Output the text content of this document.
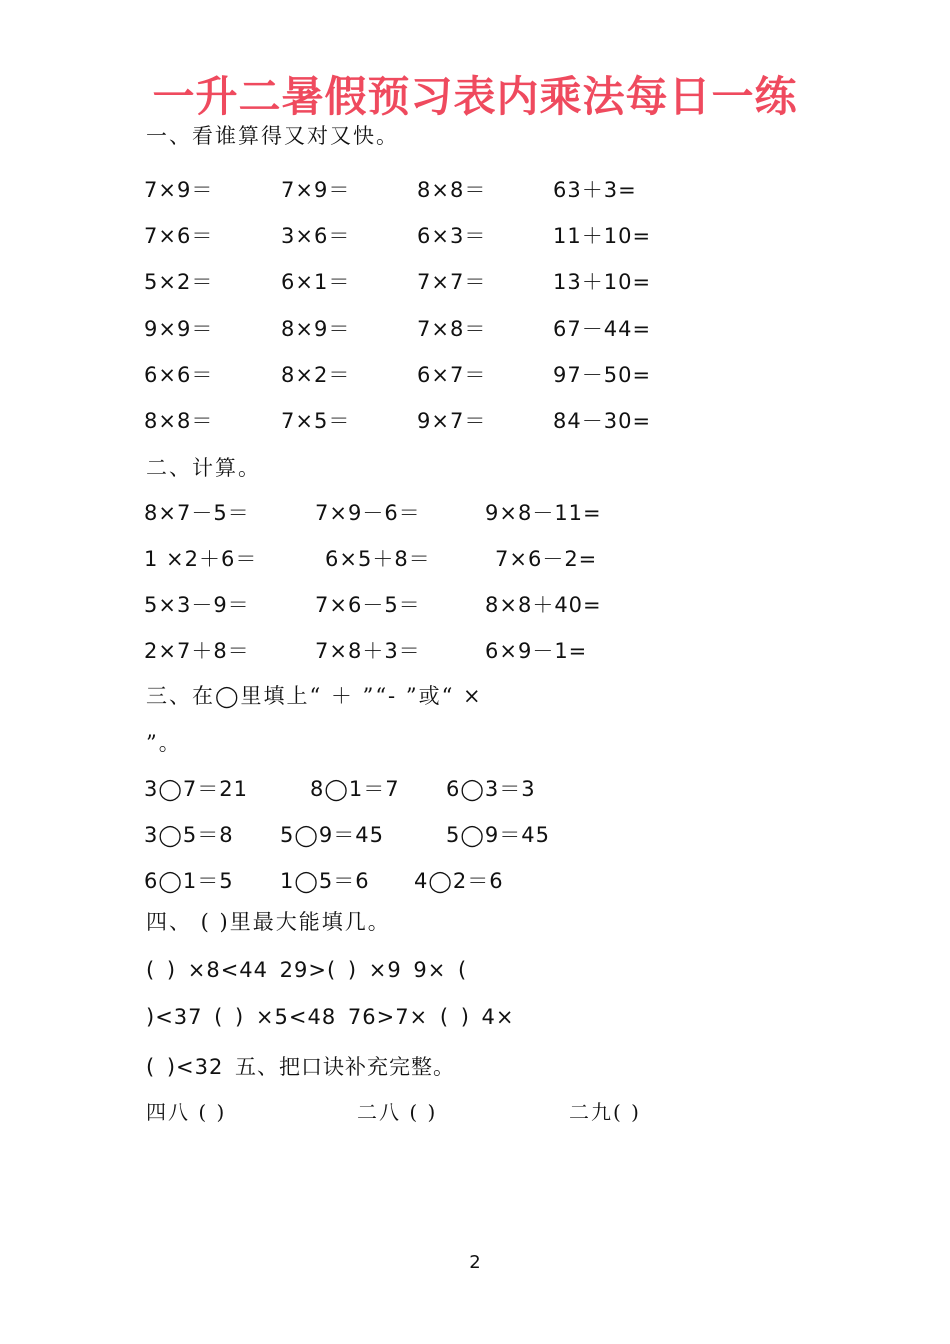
一升二暑假预习表内乘法每日一练
一、看谁算得又对又快。
7×9＝	7×9＝	8×8＝	63＋3=
7×6＝	3×6＝	6×3＝	11＋10=
5×2＝	6×1＝	7×7＝	13＋10=
9×9＝	8×9＝	7×8＝	67－44=
6×6＝	8×2＝	6×7＝	97－50=
8×8＝	7×5＝	9×7＝	84－30=
二、计算。
8×7－5＝	7×9－6＝	9×8－11=
1 ×2＋6＝	6×5＋8＝	7×6－2=
5×3－9＝	7×6－5＝	8×8＋40=
2×7＋8＝	7×8＋3＝	6×9－1=
三、在◯里填上“ ＋ ”“- ”或“ ×
”。
3◯7＝21	8◯1＝7 6◯3＝3
3◯5＝8 5◯9＝45	5◯9＝45
6◯1＝5 1◯5＝6 4◯2＝6
四、 ( )里最大能填几。
( ) ×8<44 29>( ) ×9 9× (
)<37 ( ) ×5<48 76>7× ( ) 4×
( )<32 五、把口诀补充完整。
四八 ( )	二八 ( )	二九( )
2
